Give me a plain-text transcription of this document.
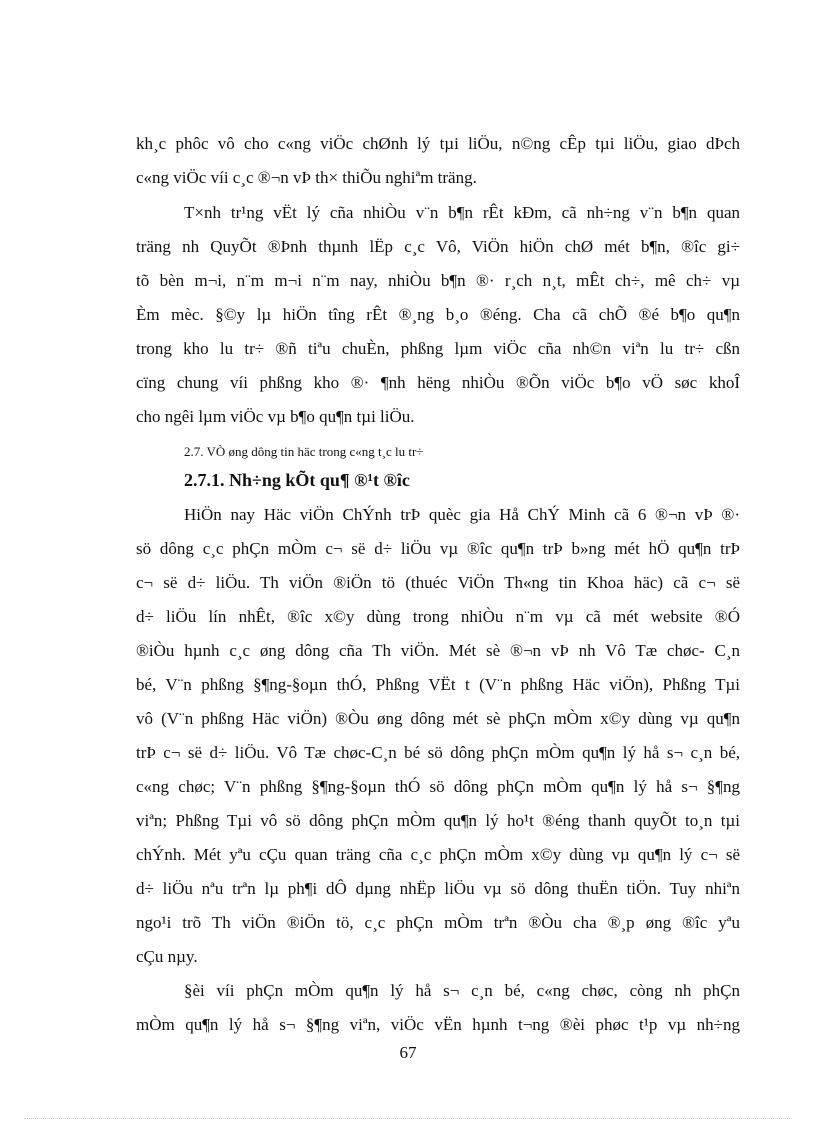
kh¸c phôc vô cho c«ng viÖc chØnh lý tµi liÖu, n©ng cÊp tµi liÖu, giao dÞch
c«ng viÖc víi c¸c ®¬n vÞ th× thiÕu nghiªm träng.
T×nh tr¹ng vËt lý cña nhiÒu v¨n b¶n rÊt kÐm, cã nh÷ng v¨n b¶n quan
träng nh QuyÕt ®Þnh thµnh lËp c¸c Vô, ViÖn hiÖn chØ mét b¶n, ®îc gi÷
tõ bèn m¬i, n¨m m¬i n¨m nay, nhiÒu b¶n ®· r¸ch n¸t, mÊt ch÷, mê ch÷ vµ
Èm mèc. §©y lµ hiÖn tîng rÊt ®¸ng b¸o ®éng. Cha cã chÕ ®é b¶o qu¶n
trong kho lu tr÷ ®ñ tiªu chuÈn, phßng lµm viÖc cña nh©n viªn lu tr÷ cßn
cïng chung víi phßng kho ®· ¶nh hëng nhiÒu ®Õn viÖc b¶o vÖ søc khoÎ
cho ngêi lµm viÖc vµ b¶o qu¶n tµi liÖu.
2.7. VÒ øng dông tin häc trong c«ng t¸c lu tr÷
2.7.1. Nh÷ng kÕt qu¶ ®¹t ®îc
HiÖn nay Häc viÖn ChÝnh trÞ quèc gia Hå ChÝ Minh cã 6 ®¬n vÞ ®·
sö dông c¸c phÇn mÒm c¬ së d÷ liÖu vµ ®îc qu¶n trÞ b»ng mét hÖ qu¶n trÞ
c¬ së d÷ liÖu. Th viÖn ®iÖn tö (thuéc ViÖn Th«ng tin Khoa häc) cã c¬ së
d÷ liÖu lín nhÊt, ®îc x©y dùng trong nhiÒu n¨m vµ cã mét website ®Ó
®iÒu hµnh c¸c øng dông cña Th viÖn. Mét sè ®¬n vÞ nh Vô Tæ chøc- C¸n
bé, V¨n phßng §¶ng-§oµn thÓ, Phßng VËt t (V¨n phßng Häc viÖn), Phßng Tµi
vô (V¨n phßng Häc viÖn) ®Òu øng dông mét sè phÇn mÒm x©y dùng vµ qu¶n
trÞ c¬ së d÷ liÖu. Vô Tæ chøc-C¸n bé sö dông phÇn mÒm qu¶n lý hå s¬ c¸n bé,
c«ng chøc; V¨n phßng §¶ng-§oµn thÓ sö dông phÇn mÒm qu¶n lý hå s¬ §¶ng
viªn; Phßng Tµi vô sö dông phÇn mÒm qu¶n lý ho¹t ®éng thanh quyÕt to¸n tµi
chÝnh. Mét yªu cÇu quan träng cña c¸c phÇn mÒm x©y dùng vµ qu¶n lý c¬ së
d÷ liÖu nªu trªn lµ ph¶i dÔ dµng nhËp liÖu vµ sö dông thuËn tiÖn. Tuy nhiªn
ngo¹i trõ Th viÖn ®iÖn tö, c¸c phÇn mÒm trªn ®Òu cha ®¸p øng ®îc yªu
cÇu nµy.
§èi víi phÇn mÒm qu¶n lý hå s¬ c¸n bé, c«ng chøc, còng nh phÇn
mÒm qu¶n lý hå s¬ §¶ng viªn, viÖc vËn hµnh t¬ng ®èi phøc t¹p vµ nh÷ng
67
